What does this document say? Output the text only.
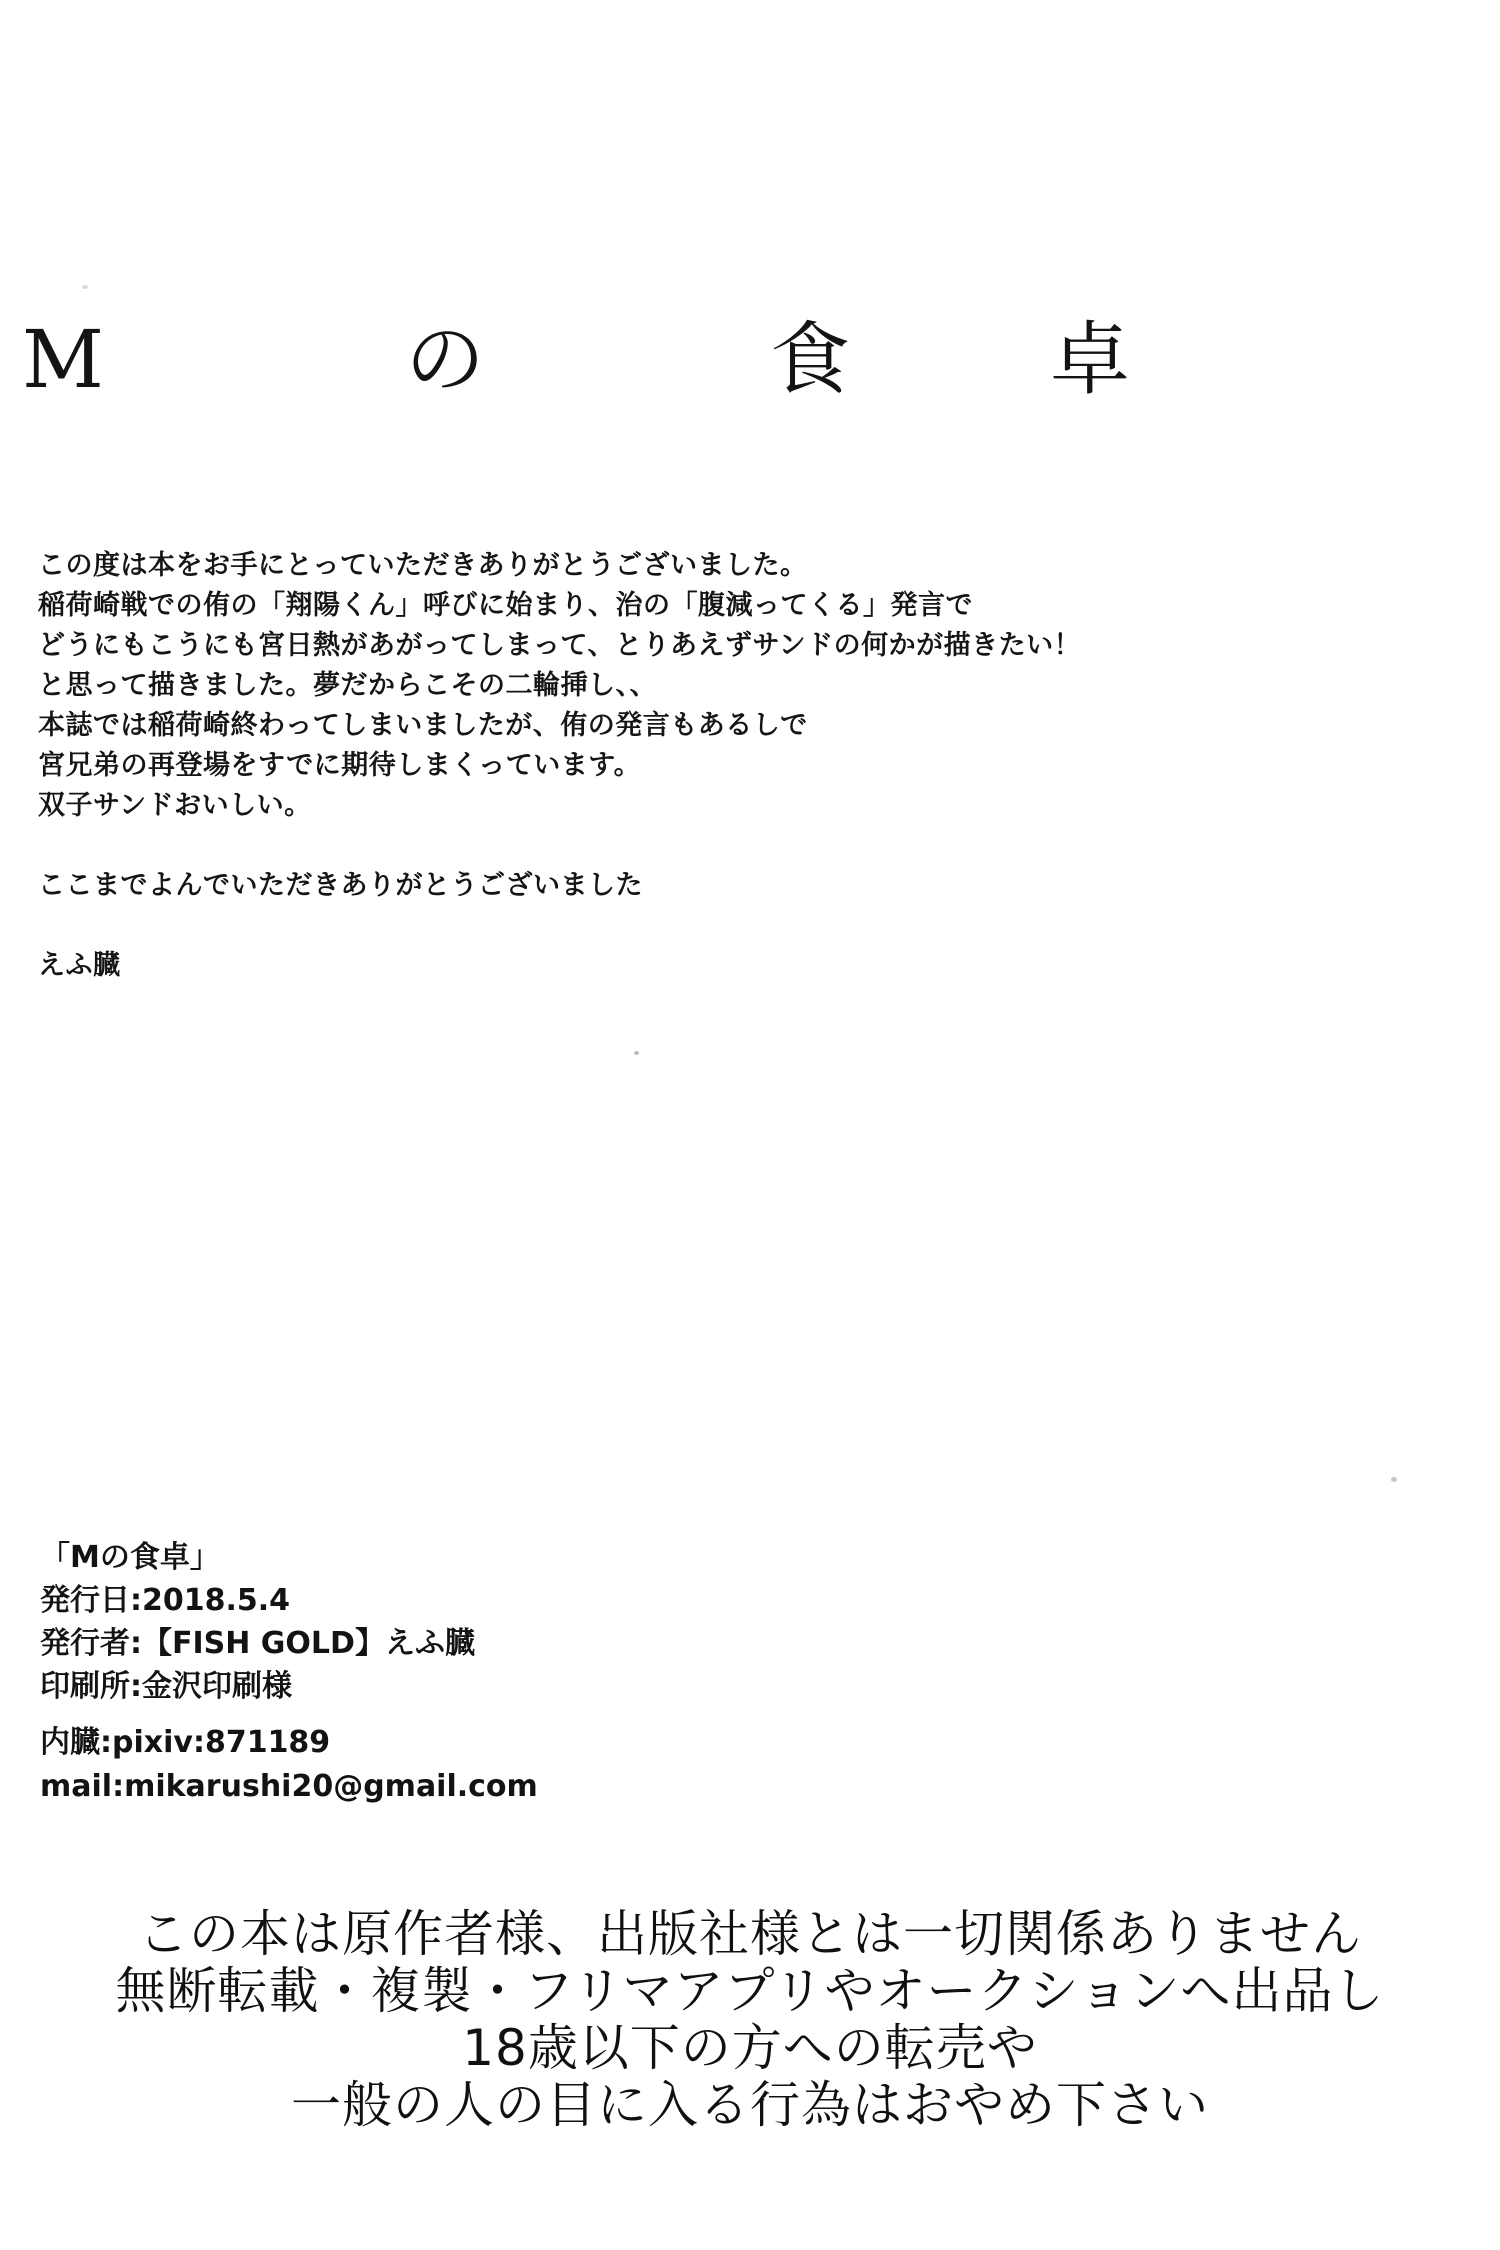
M	の	食	卓
この度は本をお手にとっていただきありがとうございました。
稲荷崎戦での侑の「翔陽くん」呼びに始まり、治の「腹減ってくる」発言で
どうにもこうにも宮日熱があがってしまって、とりあえずサンドの何かが描きたい！
と思って描きました。夢だからこその二輪挿し、、
本誌では稲荷崎終わってしまいましたが、侑の発言もあるしで
宮兄弟の再登場をすでに期待しまくっています。
双子サンドおいしい。
ここまでよんでいただきありがとうございました
えふ臓
「Mの食卓」
発行日:2018.5.4
発行者:【FISH GOLD】えふ臓
印刷所:金沢印刷様
内臓:pixiv:871189
mail:mikarushi20@gmail.com
この本は原作者様、出版社様とは一切関係ありません
無断転載・複製・フリマアプリやオークションへ出品し
18歳以下の方への転売や
一般の人の目に入る行為はおやめ下さい
